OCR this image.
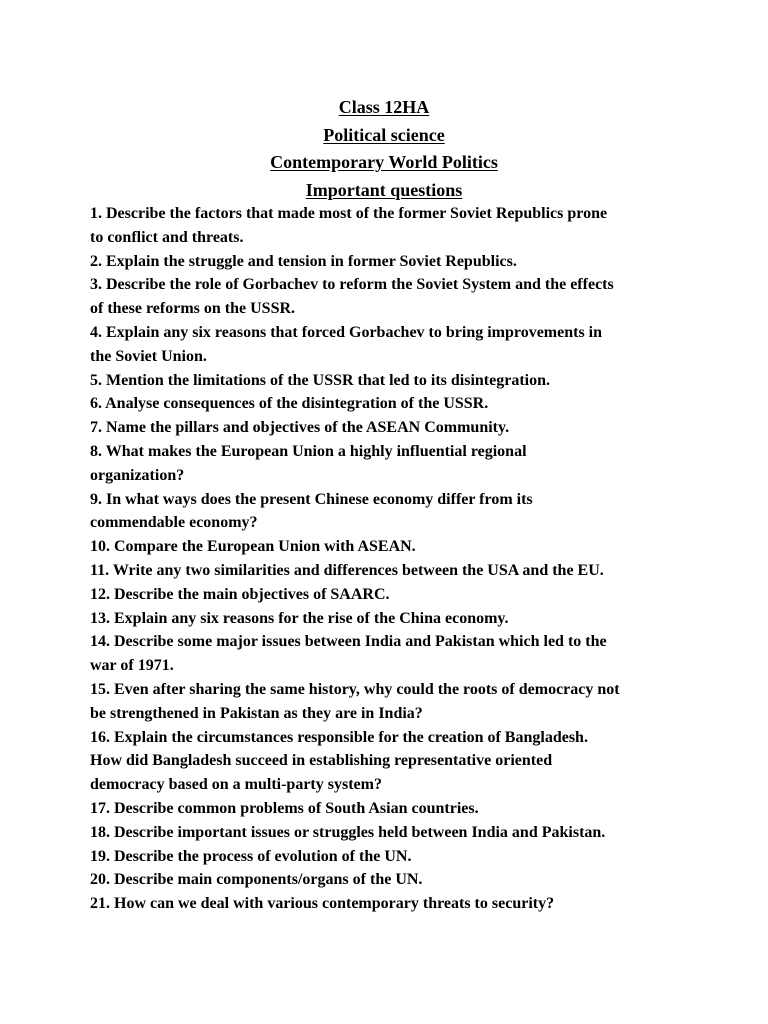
Class 12HA
Political science
Contemporary World Politics
Important questions
1. Describe the factors that made most of the former Soviet Republics prone
to conflict and threats.
2. Explain the struggle and tension in former Soviet Republics.
3. Describe the role of Gorbachev to reform the Soviet System and the effects
of these reforms on the USSR.
4. Explain any six reasons that forced Gorbachev to bring improvements in
the Soviet Union.
5. Mention the limitations of the USSR that led to its disintegration.
6. Analyse consequences of the disintegration of the USSR.
7. Name the pillars and objectives of the ASEAN Community.
8. What makes the European Union a highly influential regional
organization?
9. In what ways does the present Chinese economy differ from its
commendable economy?
10. Compare the European Union with ASEAN.
11. Write any two similarities and differences between the USA and the EU.
12. Describe the main objectives of SAARC.
13. Explain any six reasons for the rise of the China economy.
14. Describe some major issues between India and Pakistan which led to the
war of 1971.
15. Even after sharing the same history, why could the roots of democracy not
be strengthened in Pakistan as they are in India?
16. Explain the circumstances responsible for the creation of Bangladesh.
How did Bangladesh succeed in establishing representative oriented
democracy based on a multi-party system?
17. Describe common problems of South Asian countries.
18. Describe important issues or struggles held between India and Pakistan.
19. Describe the process of evolution of the UN.
20. Describe main components/organs of the UN.
21. How can we deal with various contemporary threats to security?
